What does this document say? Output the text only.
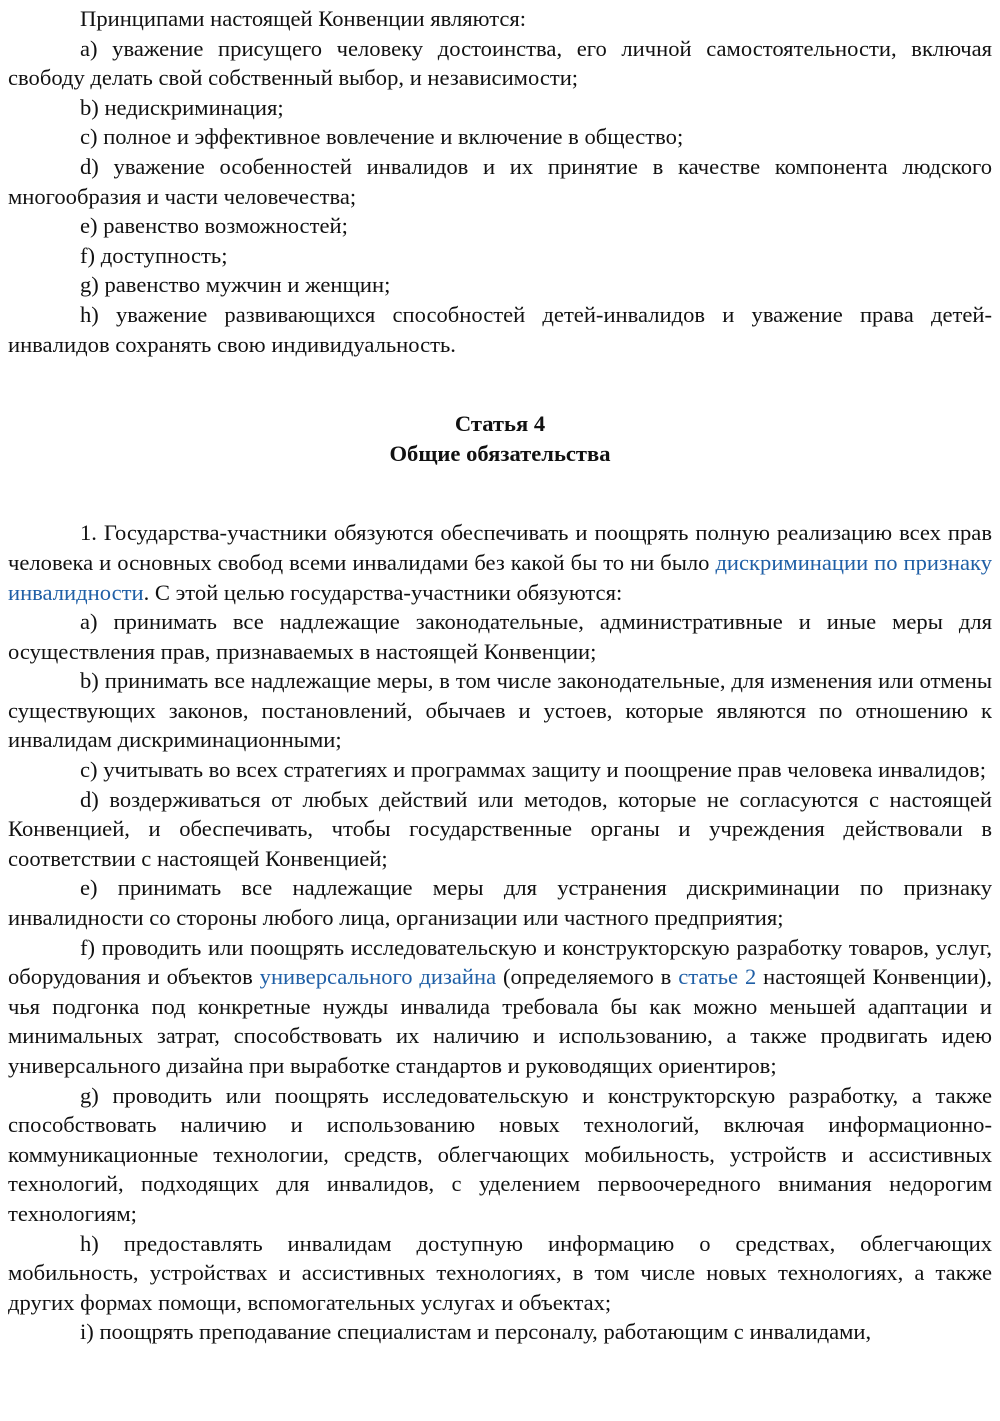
Принципами настоящей Конвенции являются:

a) уважение присущего человеку достоинства, его личной самостоятельности, включая свободу делать свой собственный выбор, и независимости;

b) недискриминация;

c) полное и эффективное вовлечение и включение в общество;

d) уважение особенностей инвалидов и их принятие в качестве компонента людского многообразия и части человечества;

e) равенство возможностей;

f) доступность;

g) равенство мужчин и женщин;

h) уважение развивающихся способностей детей-инвалидов и уважение права детей-инвалидов сохранять свою индивидуальность.

Статья 4

Общие обязательства

1. Государства-участники обязуются обеспечивать и поощрять полную реализацию всех прав человека и основных свобод всеми инвалидами без какой бы то ни было дискриминации по признаку инвалидности. С этой целью государства-участники обязуются:

a) принимать все надлежащие законодательные, административные и иные меры для осуществления прав, признаваемых в настоящей Конвенции;

b) принимать все надлежащие меры, в том числе законодательные, для изменения или отмены существующих законов, постановлений, обычаев и устоев, которые являются по отношению к инвалидам дискриминационными;

c) учитывать во всех стратегиях и программах защиту и поощрение прав человека инвалидов;

d) воздерживаться от любых действий или методов, которые не согласуются с настоящей Конвенцией, и обеспечивать, чтобы государственные органы и учреждения действовали в соответствии с настоящей Конвенцией;

e) принимать все надлежащие меры для устранения дискриминации по признаку инвалидности со стороны любого лица, организации или частного предприятия;

f) проводить или поощрять исследовательскую и конструкторскую разработку товаров, услуг, оборудования и объектов универсального дизайна (определяемого в статье 2 настоящей Конвенции), чья подгонка под конкретные нужды инвалида требовала бы как можно меньшей адаптации и минимальных затрат, способствовать их наличию и использованию, а также продвигать идею универсального дизайна при выработке стандартов и руководящих ориентиров;

g) проводить или поощрять исследовательскую и конструкторскую разработку, а также способствовать наличию и использованию новых технологий, включая информационно-коммуникационные технологии, средств, облегчающих мобильность, устройств и ассистивных технологий, подходящих для инвалидов, с уделением первоочередного внимания недорогим технологиям;

h) предоставлять инвалидам доступную информацию о средствах, облегчающих мобильность, устройствах и ассистивных технологиях, в том числе новых технологиях, а также других формах помощи, вспомогательных услугах и объектах;

i) поощрять преподавание специалистам и персоналу, работающим с инвалидами,
